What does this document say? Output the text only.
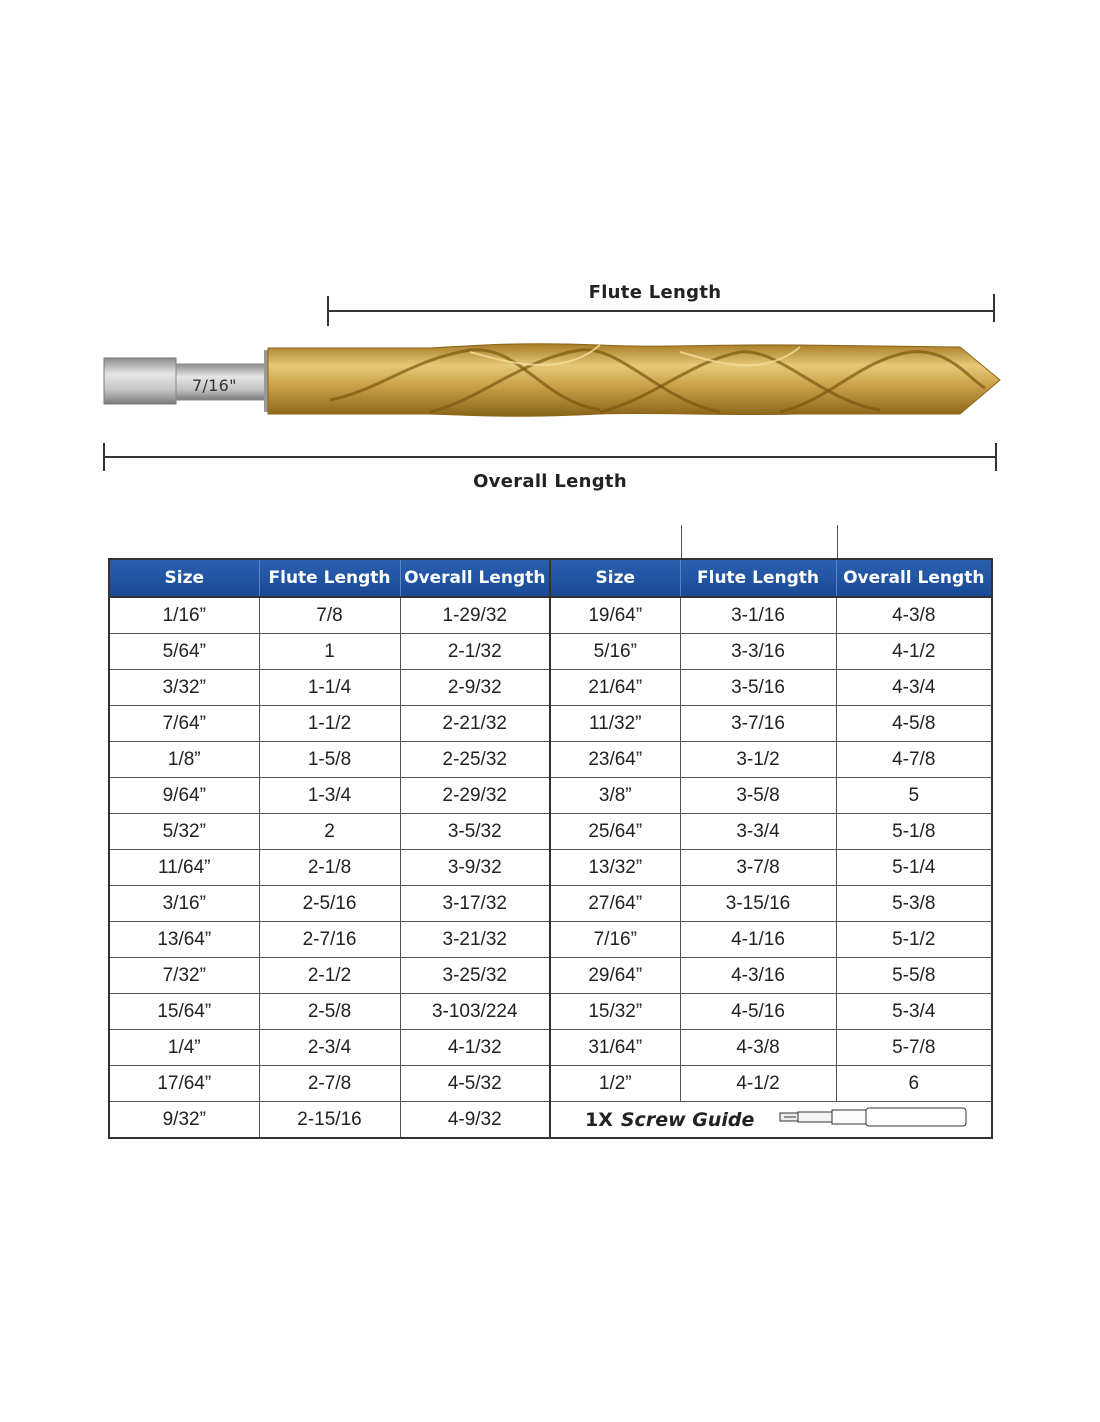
7/16"
Flute Length
Overall Length
Size	Flute Length	Overall Length	Size	Flute Length	Overall Length
1/16”	7/8	1-29/32	19/64”	3-1/16	4-3/8
5/64”	1	2-1/32	5/16”	3-3/16	4-1/2
3/32”	1-1/4	2-9/32	21/64”	3-5/16	4-3/4
7/64”	1-1/2	2-21/32	11/32”	3-7/16	4-5/8
1/8”	1-5/8	2-25/32	23/64”	3-1/2	4-7/8
9/64”	1-3/4	2-29/32	3/8”	3-5/8	5
5/32”	2	3-5/32	25/64”	3-3/4	5-1/8
11/64”	2-1/8	3-9/32	13/32”	3-7/8	5-1/4
3/16”	2-5/16	3-17/32	27/64”	3-15/16	5-3/8
13/64”	2-7/16	3-21/32	7/16”	4-1/16	5-1/2
7/32”	2-1/2	3-25/32	29/64”	4-3/16	5-5/8
15/64”	2-5/8	3-103/224	15/32”	4-5/16	5-3/4
1/4”	2-3/4	4-1/32	31/64”	4-3/8	5-7/8
17/64”	2-7/8	4-5/32	1/2”	4-1/2	6
9/32”	2-15/16	4-9/32	1X Screw Guide		
